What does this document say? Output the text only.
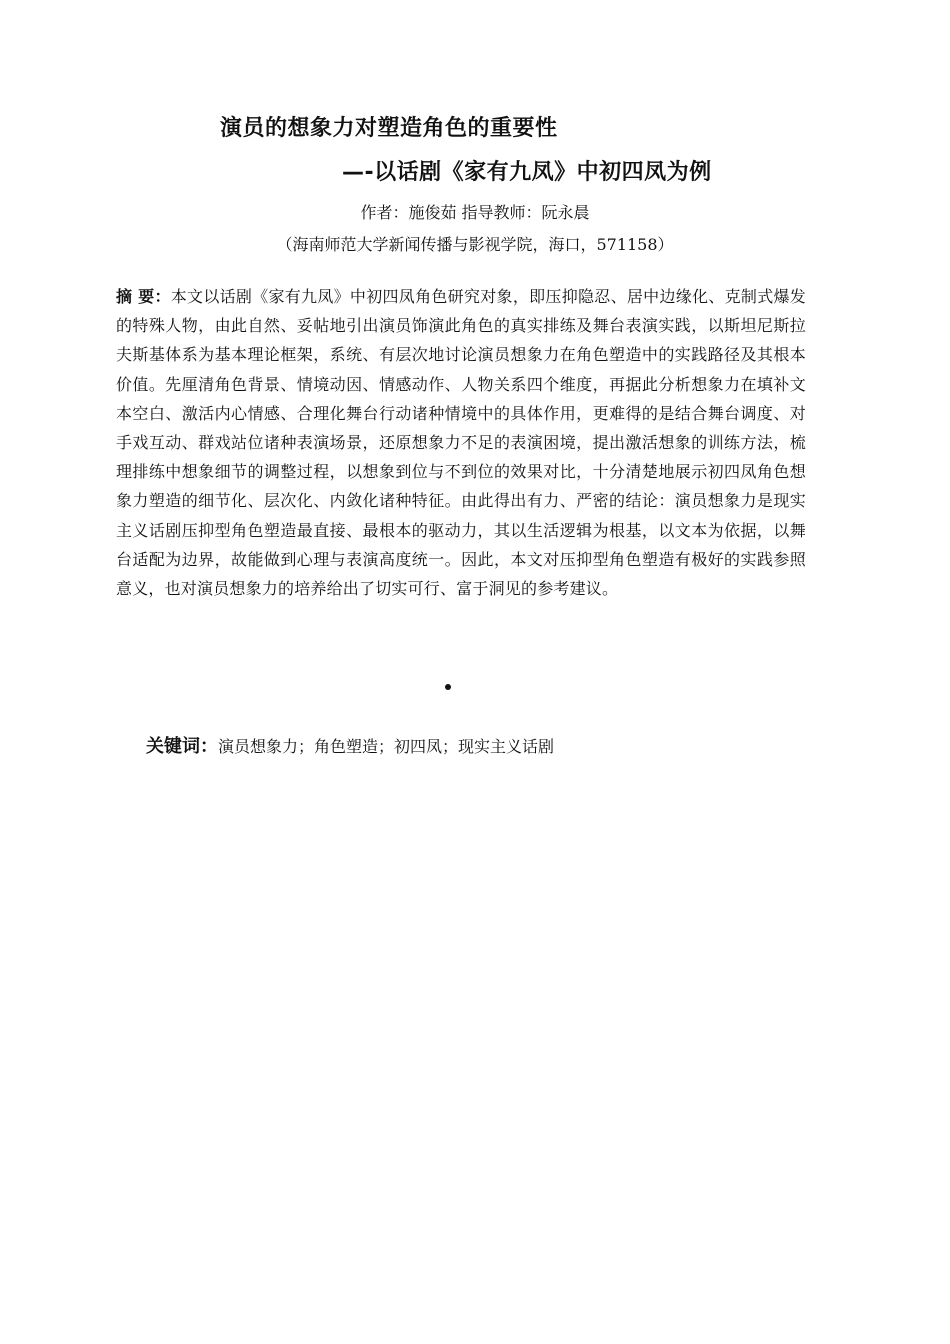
演员的想象力对塑造角色的重要性
—-以话剧《家有九凤》中初四凤为例
作者：施俊茹 指导教师：阮永晨
（海南师范大学新闻传播与影视学院，海口，571158）
摘 要：本文以话剧《家有九凤》中初四凤角色研究对象，即压抑隐忍、居中边缘化、克制式爆发的特殊人物，由此自然、妥帖地引出演员饰演此角色的真实排练及舞台表演实践，以斯坦尼斯拉夫斯基体系为基本理论框架，系统、有层次地讨论演员想象力在角色塑造中的实践路径及其根本价值。先厘清角色背景、情境动因、情感动作、人物关系四个维度，再据此分析想象力在填补文本空白、激活内心情感、合理化舞台行动诸种情境中的具体作用，更难得的是结合舞台调度、对手戏互动、群戏站位诸种表演场景，还原想象力不足的表演困境，提出激活想象的训练方法，梳理排练中想象细节的调整过程，以想象到位与不到位的效果对比，十分清楚地展示初四凤角色想象力塑造的细节化、层次化、内敛化诸种特征。由此得出有力、严密的结论：演员想象力是现实主义话剧压抑型角色塑造最直接、最根本的驱动力，其以生活逻辑为根基，以文本为依据，以舞台适配为边界，故能做到心理与表演高度统一。因此，本文对压抑型角色塑造有极好的实践参照意义，也对演员想象力的培养给出了切实可行、富于洞见的参考建议。
关键词：演员想象力；角色塑造；初四凤；现实主义话剧
